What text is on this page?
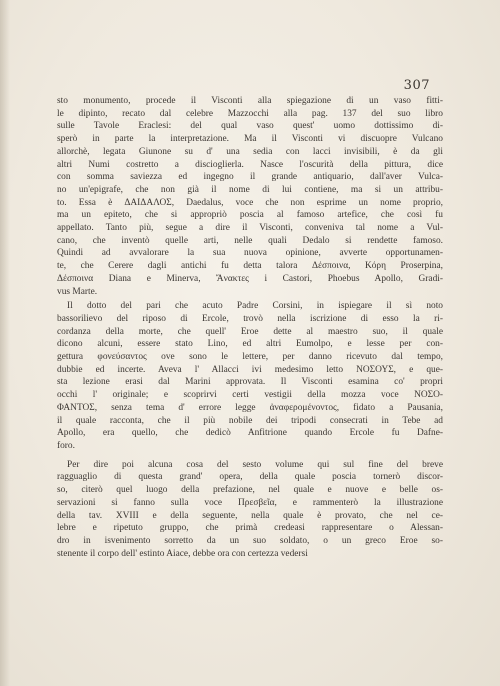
307
sto monumento, procede il Visconti alla spiegazione di un vaso fitti-
le dipinto, recato dal celebre Mazzocchi alla pag. 137 del suo libro
sulle Tavole Eraclesi: del qual vaso quest' uomo dottissimo di-
sperò in parte la interpretazione. Ma il Visconti vi discuopre Vulcano
allorchè, legata Giunone su d' una sedia con lacci invisibili, è da gli
altri Numi costretto a discioglierla. Nasce l'oscurità della pittura, dice
con somma saviezza ed ingegno il grande antiquario, dall'aver Vulca-
no un'epigrafe, che non già il nome di lui contiene, ma si un attribu-
to. Essa è ΔΑΙΔΑΛΟΣ, Daedalus, voce che non esprime un nome proprio,
ma un epiteto, che si appropriò poscia al famoso artefice, che così fu
appellato. Tanto più, segue a dire il Visconti, conveniva tal nome a Vul-
cano, che inventò quelle arti, nelle quali Dedalo si rendette famoso.
Quindi ad avvalorare la sua nuova opinione, avverte opportunamen-
te, che Cerere dagli antichi fu detta talora Δέσποινα, Κόρη Proserpina,
Δέσποινα Diana e Minerva, Ἄνακτες i Castori, Phoebus Apollo, Gradi-
vus Marte.
Il dotto del pari che acuto Padre Corsini, in ispiegare il sì noto
bassorilievo del riposo di Ercole, trovò nella iscrizione di esso la ri-
cordanza della morte, che quell' Eroe dette al maestro suo, il quale
dicono alcuni, essere stato Lino, ed altri Eumolpo, e lesse per con-
gettura φονεύσαντος ove sono le lettere, per danno ricevuto dal tempo,
dubbie ed incerte. Aveva l' Allacci ivi medesimo letto ΝΟΣΟΥΣ, e que-
sta lezione erasi dal Marini approvata. Il Visconti esamina co' propri
occhi l' originale; e scoprirvi certi vestigii della mozza voce ΝΟΣΟ-
ΦΑΝΤΟΣ, senza tema d' errore legge ἀναφερομένοντος, fidato a Pausania,
il quale racconta, che il più nobile dei tripodi consecrati in Tebe ad
Apollo, era quello, che dedicò Anfitrione quando Ercole fu Dafne-
foro.
Per dire poi alcuna cosa del sesto volume qui sul fine del breve
ragguaglio di questa grand' opera, della quale poscia tornerò discor-
so, citerò quel luogo della prefazione, nel quale e nuove e belle os-
servazioni si fanno sulla voce Πρεσβεῖα, e rammenterò la illustrazione
della tav. XVIII e della seguente, nella quale è provato, che nel ce-
lebre e ripetuto gruppo, che primà credeasi rappresentare o Alessan-
dro in isvenimento sorretto da un suo soldato, o un greco Eroe so-
stenente il corpo dell' estinto Aiace, debbe ora con certezza vedersi
